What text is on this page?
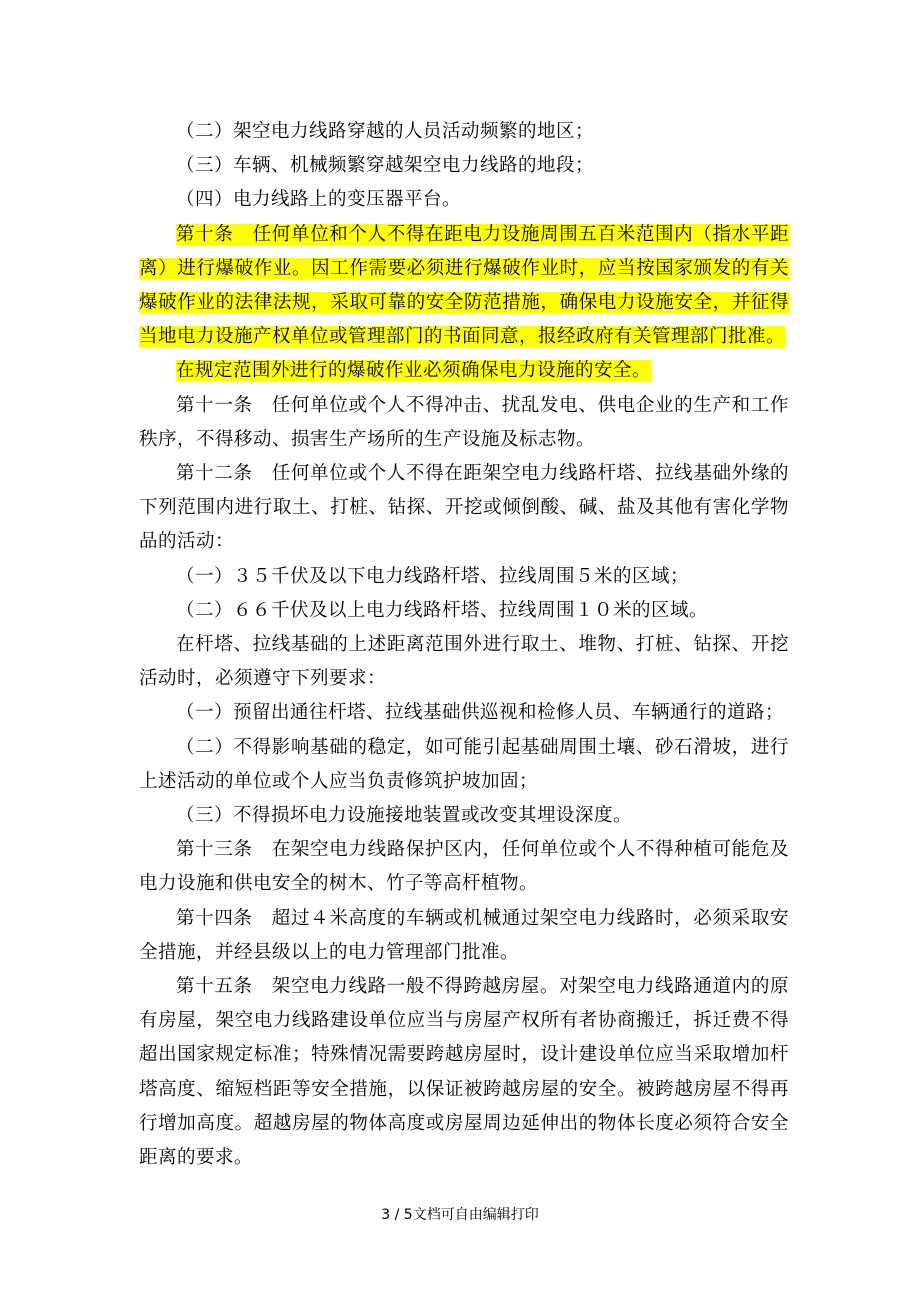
（二）架空电力线路穿越的人员活动频繁的地区；

（三）车辆、机械频繁穿越架空电力线路的地段；

（四）电力线路上的变压器平台。

第十条　任何单位和个人不得在距电力设施周围五百米范围内（指水平距离）进行爆破作业。因工作需要必须进行爆破作业时，应当按国家颁发的有关爆破作业的法律法规，采取可靠的安全防范措施，确保电力设施安全，并征得当地电力设施产权单位或管理部门的书面同意，报经政府有关管理部门批准。

在规定范围外进行的爆破作业必须确保电力设施的安全。

第十一条　任何单位或个人不得冲击、扰乱发电、供电企业的生产和工作秩序，不得移动、损害生产场所的生产设施及标志物。

第十二条　任何单位或个人不得在距架空电力线路杆塔、拉线基础外缘的下列范围内进行取土、打桩、钻探、开挖或倾倒酸、碱、盐及其他有害化学物品的活动：

（一）３５千伏及以下电力线路杆塔、拉线周围５米的区域；

（二）６６千伏及以上电力线路杆塔、拉线周围１０米的区域。

在杆塔、拉线基础的上述距离范围外进行取土、堆物、打桩、钻探、开挖活动时，必须遵守下列要求：

（一）预留出通往杆塔、拉线基础供巡视和检修人员、车辆通行的道路；

（二）不得影响基础的稳定，如可能引起基础周围土壤、砂石滑坡，进行上述活动的单位或个人应当负责修筑护坡加固；

（三）不得损坏电力设施接地装置或改变其埋设深度。

第十三条　在架空电力线路保护区内，任何单位或个人不得种植可能危及电力设施和供电安全的树木、竹子等高杆植物。

第十四条　超过４米高度的车辆或机械通过架空电力线路时，必须采取安全措施，并经县级以上的电力管理部门批准。

第十五条　架空电力线路一般不得跨越房屋。对架空电力线路通道内的原有房屋，架空电力线路建设单位应当与房屋产权所有者协商搬迁，拆迁费不得超出国家规定标准；特殊情况需要跨越房屋时，设计建设单位应当采取增加杆塔高度、缩短档距等安全措施，以保证被跨越房屋的安全。被跨越房屋不得再行增加高度。超越房屋的物体高度或房屋周边延伸出的物体长度必须符合安全距离的要求。

3 / 5文档可自由编辑打印
